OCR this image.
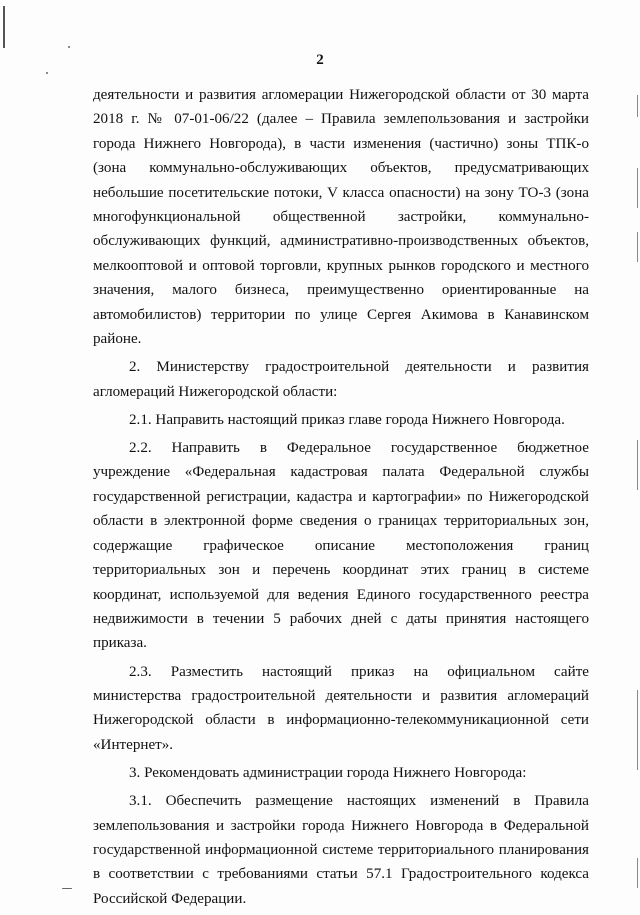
2

деятельности и развития агломерации Нижегородской области от 30 марта 2018 г. № 07-01-06/22 (далее – Правила землепользования и застройки города Нижнего Новгорода), в части изменения (частично) зоны ТПК-о (зона коммунально-обслуживающих объектов, предусматривающих небольшие посетительские потоки, V класса опасности) на зону ТО-3 (зона многофункциональной общественной застройки, коммунально-обслуживающих функций, административно-производственных объектов, мелкооптовой и оптовой торговли, крупных рынков городского и местного значения, малого бизнеса, преимущественно ориентированные на автомобилистов) территории по улице Сергея Акимова в Канавинском районе.

2. Министерству градостроительной деятельности и развития агломераций Нижегородской области:

2.1. Направить настоящий приказ главе города Нижнего Новгорода.

2.2. Направить в Федеральное государственное бюджетное учреждение «Федеральная кадастровая палата Федеральной службы государственной регистрации, кадастра и картографии» по Нижегородской области в электронной форме сведения о границах территориальных зон, содержащие графическое описание местоположения границ территориальных зон и перечень координат этих границ в системе координат, используемой для ведения Единого государственного реестра недвижимости в течении 5 рабочих дней с даты принятия настоящего приказа.

2.3. Разместить настоящий приказ на официальном сайте министерства градостроительной деятельности и развития агломераций Нижегородской области в информационно-телекоммуникационной сети «Интернет».

3. Рекомендовать администрации города Нижнего Новгорода:

3.1. Обеспечить размещение настоящих изменений в Правила землепользования и застройки города Нижнего Новгорода в Федеральной государственной информационной системе территориального планирования в соответствии с требованиями статьи 57.1 Градостроительного кодекса Российской Федерации.
